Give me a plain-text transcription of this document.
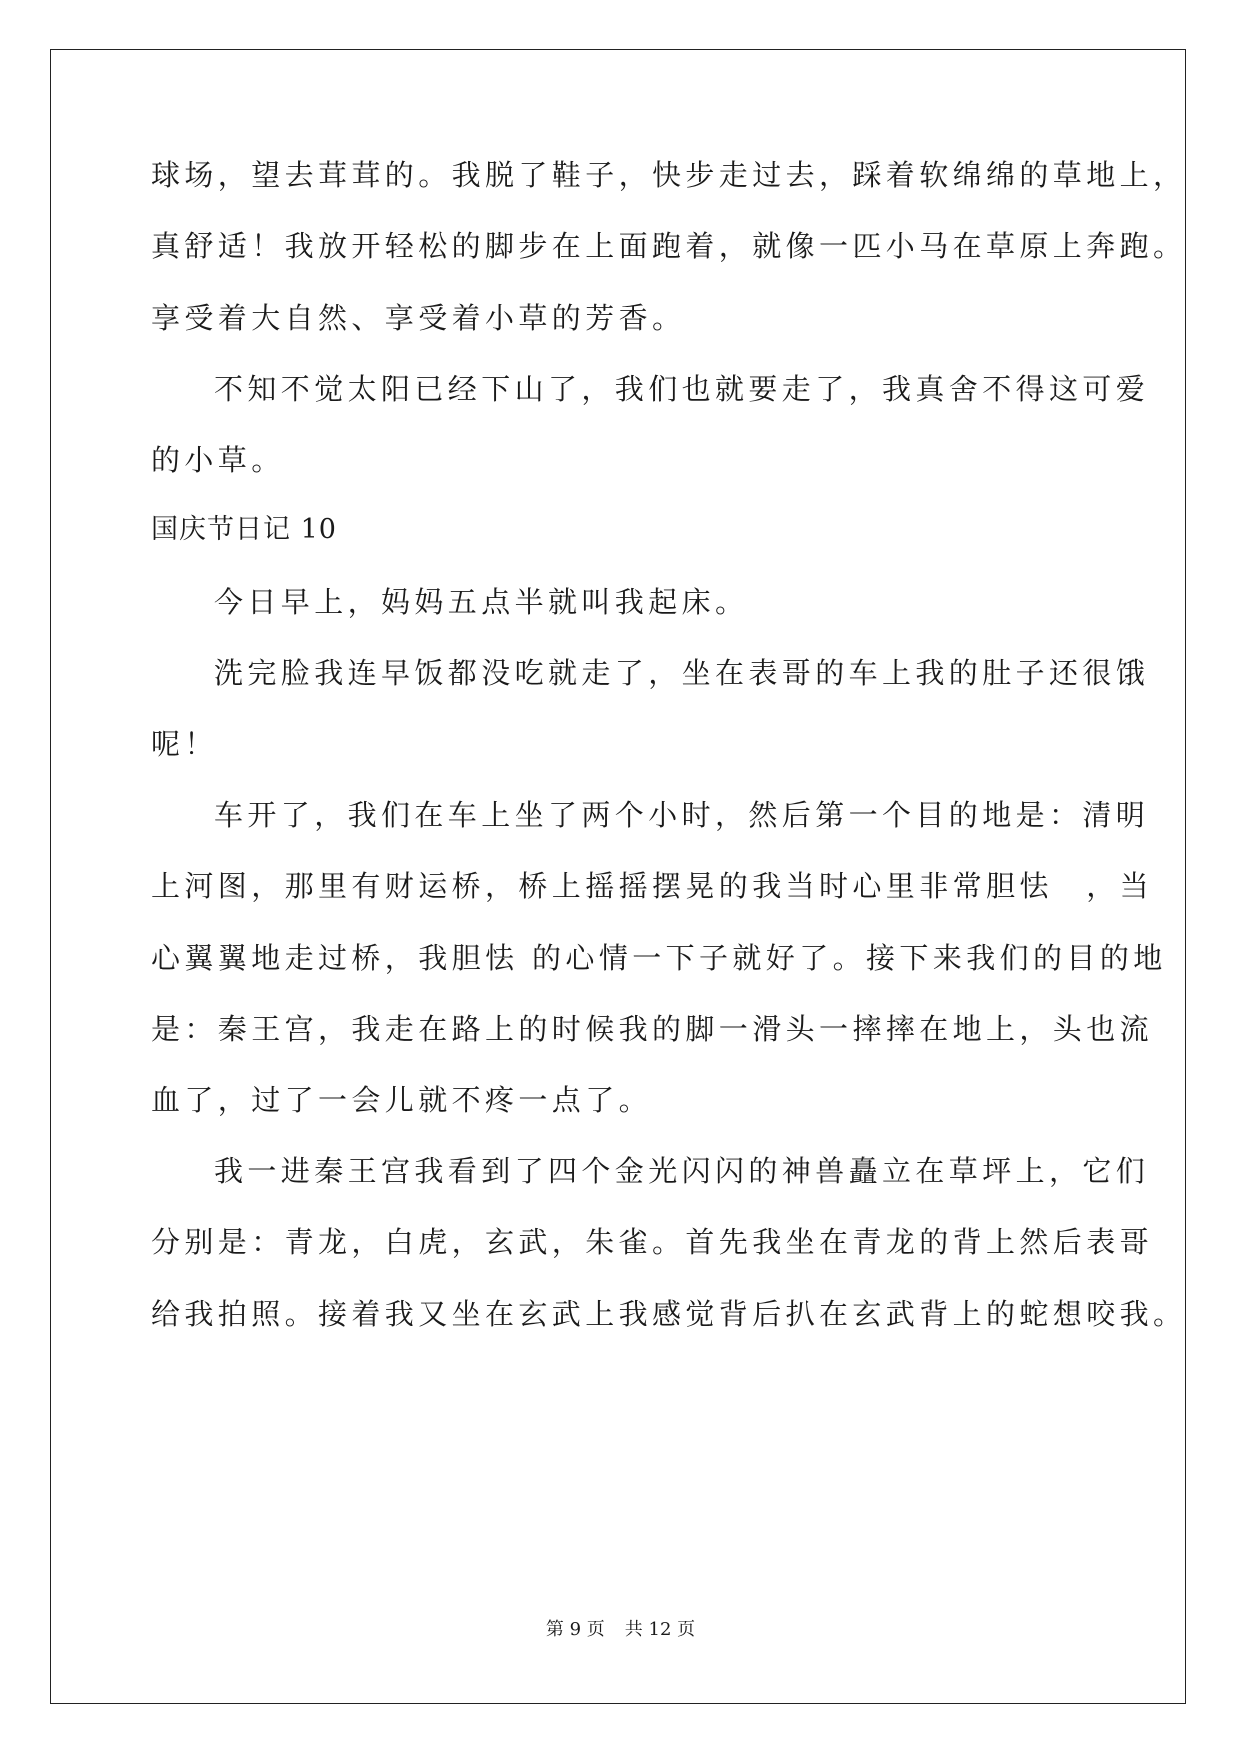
球场，望去茸茸的。我脱了鞋子，快步走过去，踩着软绵绵的草地上，
真舒适！我放开轻松的脚步在上面跑着，就像一匹小马在草原上奔跑。
享受着大自然、享受着小草的芳香。
不知不觉太阳已经下山了，我们也就要走了，我真舍不得这可爱
的小草。
国庆节日记 10
今日早上，妈妈五点半就叫我起床。
洗完脸我连早饭都没吃就走了，坐在表哥的车上我的肚子还很饿
呢！
车开了，我们在车上坐了两个小时，然后第一个目的地是：清明
上河图，那里有财运桥，桥上摇摇摆晃的我当时心里非常胆怯　，当
心翼翼地走过桥，我胆怯 的心情一下子就好了。接下来我们的目的地
是：秦王宫，我走在路上的时候我的脚一滑头一摔摔在地上，头也流
血了，过了一会儿就不疼一点了。
我一进秦王宫我看到了四个金光闪闪的神兽矗立在草坪上，它们
分别是：青龙，白虎，玄武，朱雀。首先我坐在青龙的背上然后表哥
给我拍照。接着我又坐在玄武上我感觉背后扒在玄武背上的蛇想咬我。
第 9 页 共 12 页
